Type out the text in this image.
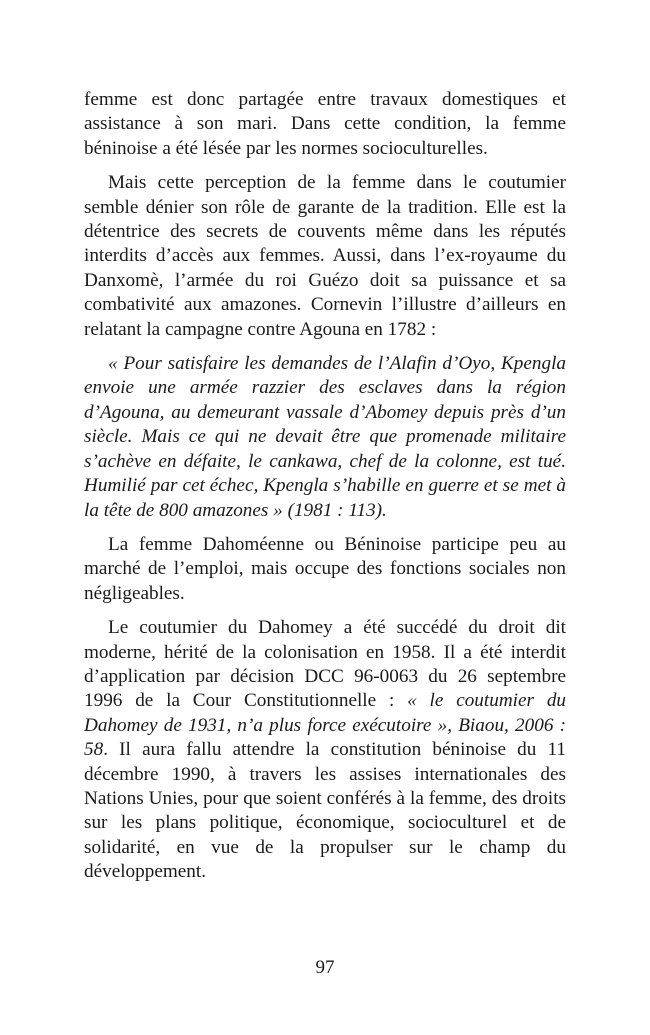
femme est donc partagée entre travaux domestiques et assistance à son mari. Dans cette condition, la femme béninoise a été lésée par les normes socioculturelles.

Mais cette perception de la femme dans le coutumier semble dénier son rôle de garante de la tradition. Elle est la détentrice des secrets de couvents même dans les réputés interdits d’accès aux femmes. Aussi, dans l’ex-royaume du Danxomè, l’armée du roi Guézo doit sa puissance et sa combativité aux amazones. Cornevin l’illustre d’ailleurs en relatant la campagne contre Agouna en 1782 :

« Pour satisfaire les demandes de l’Alafin d’Oyo, Kpengla envoie une armée razzier des esclaves dans la région d’Agouna, au demeurant vassale d’Abomey depuis près d’un siècle. Mais ce qui ne devait être que promenade militaire s’achève en défaite, le cankawa, chef de la colonne, est tué. Humilié par cet échec, Kpengla s’habille en guerre et se met à la tête de 800 amazones » (1981 : 113).

La femme Dahoméenne ou Béninoise participe peu au marché de l’emploi, mais occupe des fonctions sociales non négligeables.

Le coutumier du Dahomey a été succédé du droit dit moderne, hérité de la colonisation en 1958. Il a été interdit d’application par décision DCC 96-0063 du 26 septembre 1996 de la Cour Constitutionnelle : « le coutumier du Dahomey de 1931, n’a plus force exécutoire », Biaou, 2006 : 58. Il aura fallu attendre la constitution béninoise du 11 décembre 1990, à travers les assises internationales des Nations Unies, pour que soient conférés à la femme, des droits sur les plans politique, économique, socioculturel et de solidarité, en vue de la propulser sur le champ du développement.

97
